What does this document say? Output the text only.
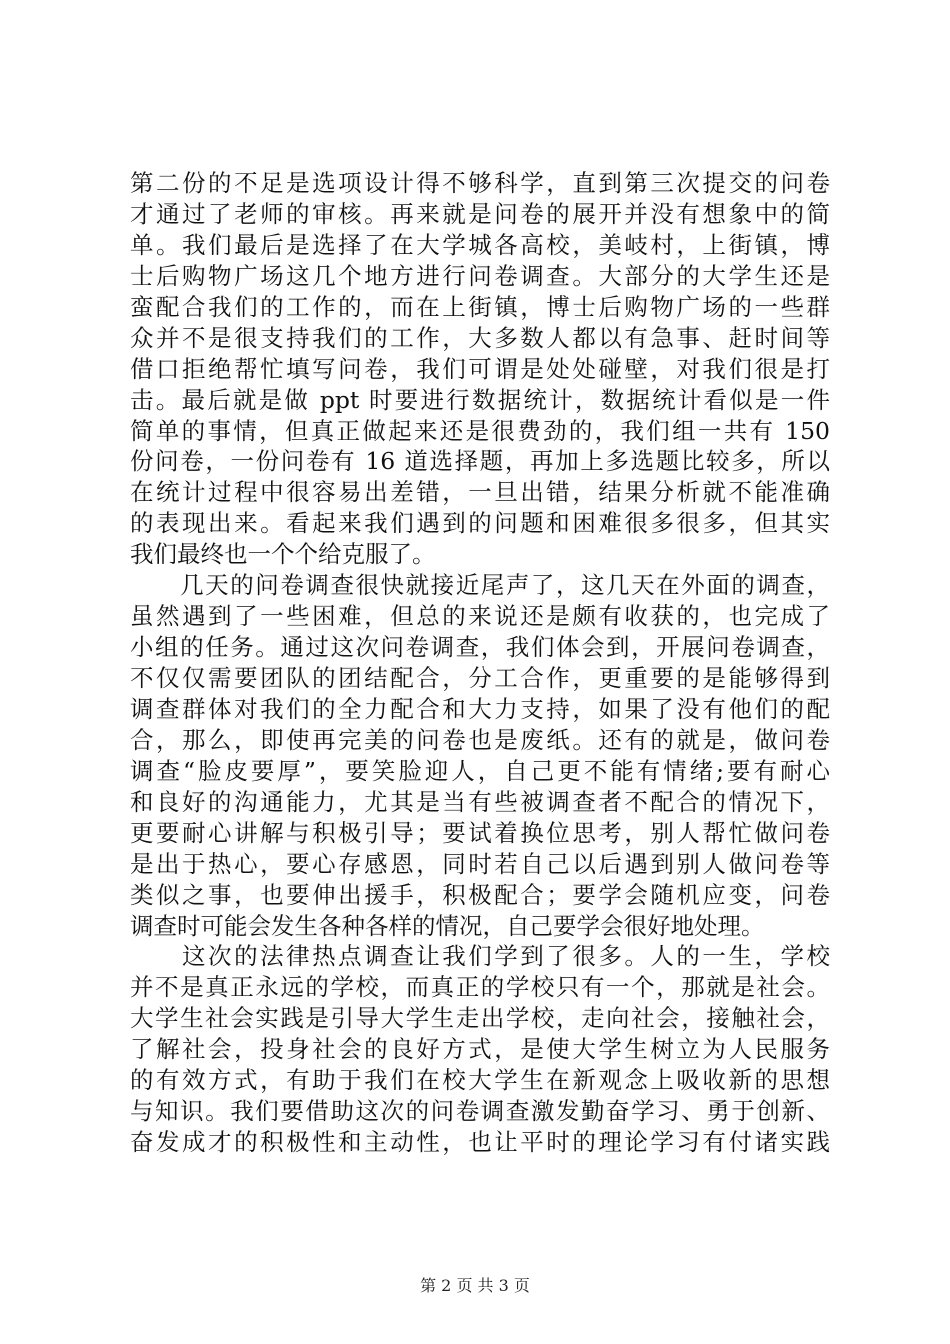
第二份的不足是选项设计得不够科学，直到第三次提交的问卷
才通过了老师的审核。再来就是问卷的展开并没有想象中的简
单。我们最后是选择了在大学城各高校，美岐村，上街镇，博
士后购物广场这几个地方进行问卷调查。大部分的大学生还是
蛮配合我们的工作的，而在上街镇，博士后购物广场的一些群
众并不是很支持我们的工作，大多数人都以有急事、赶时间等
借口拒绝帮忙填写问卷，我们可谓是处处碰壁，对我们很是打
击。最后就是做 ppt 时要进行数据统计，数据统计看似是一件
简单的事情，但真正做起来还是很费劲的，我们组一共有 150
份问卷，一份问卷有 16 道选择题，再加上多选题比较多，所以
在统计过程中很容易出差错，一旦出错，结果分析就不能准确
的表现出来。看起来我们遇到的问题和困难很多很多，但其实
我们最终也一个个给克服了。
　　几天的问卷调查很快就接近尾声了，这几天在外面的调查，
虽然遇到了一些困难，但总的来说还是颇有收获的，也完成了
小组的任务。通过这次问卷调查，我们体会到，开展问卷调查，
不仅仅需要团队的团结配合，分工合作，更重要的是能够得到
调查群体对我们的全力配合和大力支持，如果了没有他们的配
合，那么，即使再完美的问卷也是废纸。还有的就是，做问卷
调查“脸皮要厚”，要笑脸迎人，自己更不能有情绪;要有耐心
和良好的沟通能力，尤其是当有些被调查者不配合的情况下，
更要耐心讲解与积极引导；要试着换位思考，别人帮忙做问卷
是出于热心，要心存感恩，同时若自己以后遇到别人做问卷等
类似之事，也要伸出援手，积极配合；要学会随机应变，问卷
调查时可能会发生各种各样的情况，自己要学会很好地处理。
　　这次的法律热点调查让我们学到了很多。人的一生，学校
并不是真正永远的学校，而真正的学校只有一个，那就是社会。
大学生社会实践是引导大学生走出学校，走向社会，接触社会，
了解社会，投身社会的良好方式，是使大学生树立为人民服务
的有效方式，有助于我们在校大学生在新观念上吸收新的思想
与知识。我们要借助这次的问卷调查激发勤奋学习、勇于创新、
奋发成才的积极性和主动性，也让平时的理论学习有付诸实践
第 2 页 共 3 页
